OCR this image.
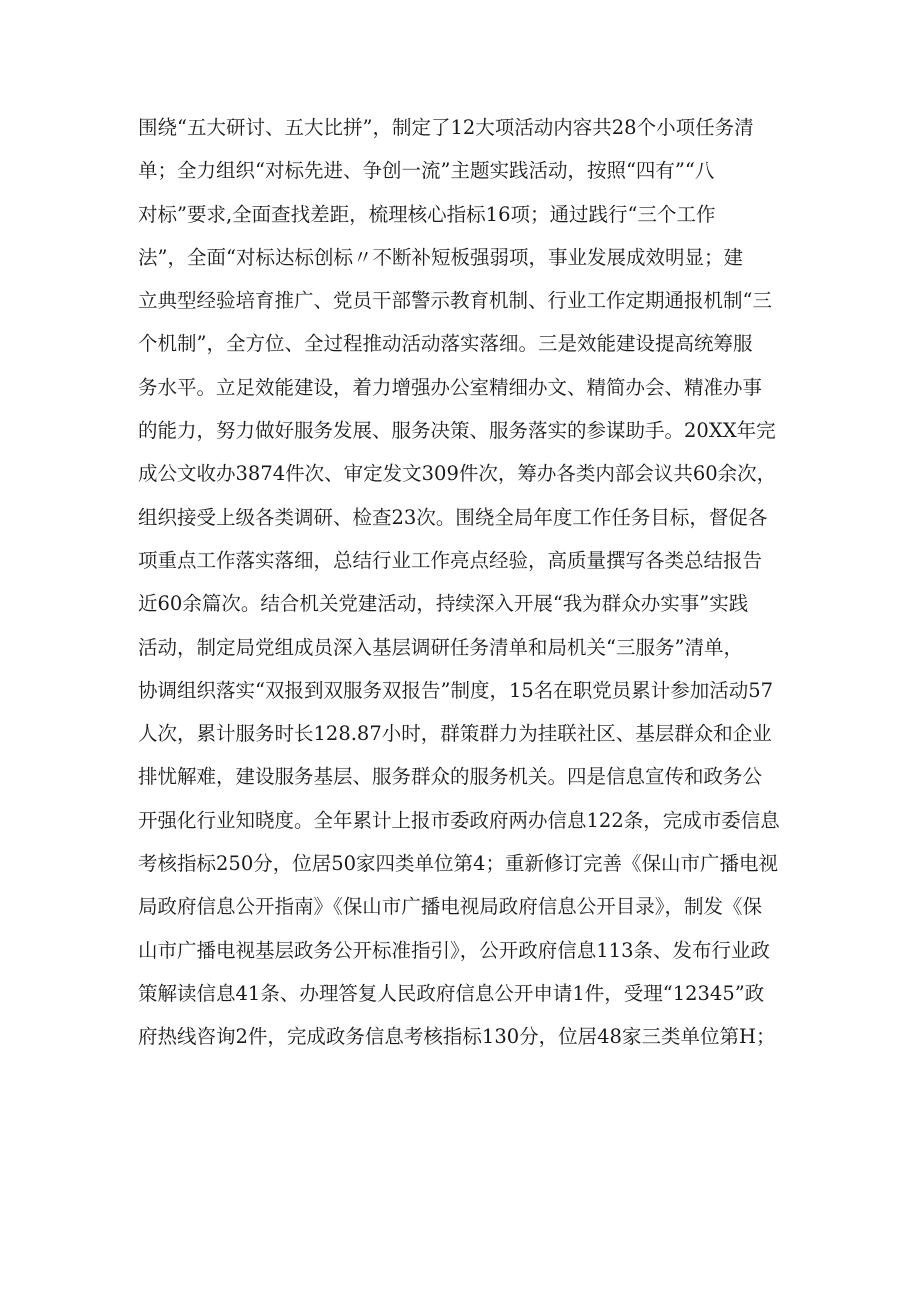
围绕“五大研讨、五大比拼”，制定了12大项活动内容共28个小项任务清
单；全力组织“对标先进、争创一流”主题实践活动，按照“四有”“八
对标”要求,全面查找差距，梳理核心指标16项；通过践行“三个工作
法”，全面“对标达标创标〃不断补短板强弱项，事业发展成效明显；建
立典型经验培育推广、党员干部警示教育机制、行业工作定期通报机制“三
个机制”，全方位、全过程推动活动落实落细。三是效能建设提高统筹服
务水平。立足效能建设，着力增强办公室精细办文、精简办会、精准办事
的能力，努力做好服务发展、服务决策、服务落实的参谋助手。20XX年完
成公文收办3874件次、审定发文309件次，筹办各类内部会议共60余次，
组织接受上级各类调研、检查23次。围绕全局年度工作任务目标，督促各
项重点工作落实落细，总结行业工作亮点经验，高质量撰写各类总结报告
近60余篇次。结合机关党建活动，持续深入开展“我为群众办实事”实践
活动，制定局党组成员深入基层调研任务清单和局机关“三服务”清单，
协调组织落实“双报到双服务双报告”制度，15名在职党员累计参加活动57
人次，累计服务时长128.87小时，群策群力为挂联社区、基层群众和企业
排忧解难，建设服务基层、服务群众的服务机关。四是信息宣传和政务公
开强化行业知晓度。全年累计上报市委政府两办信息122条，完成市委信息
考核指标250分，位居50家四类单位第4；重新修订完善《保山市广播电视
局政府信息公开指南》《保山市广播电视局政府信息公开目录》，制发《保
山市广播电视基层政务公开标准指引》，公开政府信息113条、发布行业政
策解读信息41条、办理答复人民政府信息公开申请1件，受理“12345”政
府热线咨询2件，完成政务信息考核指标130分，位居48家三类单位第H；
